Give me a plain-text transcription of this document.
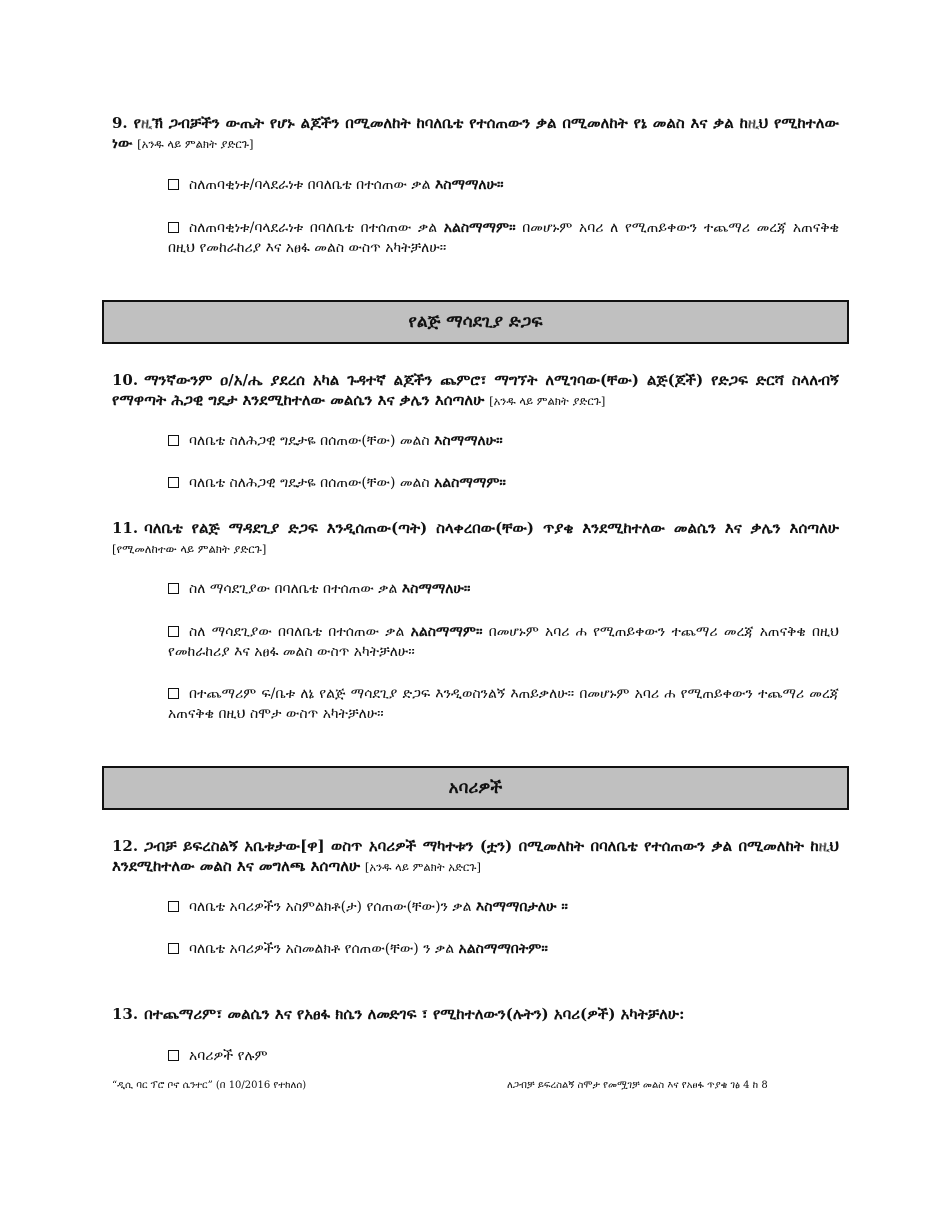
9. የዚኽ ጋብቻችን ውጤት የሆኑ ልጆችን በሚመለከት ከባለቤቴ የተሰጠውን ቃል በሚመለከት የኔ መልስ እና ቃል ከዚህ የሚከተለው ነው [አንዱ ላይ ምልክት ያድርጉ]
ስለጠባቂነቱ/ባላደራነቱ በባለቤቴ በተሰጠው ቃል እስማማለሁ።
ስለጠባቂነቱ/ባላደራነቱ በባለቤቴ በተሰጠው ቃል አልስማማም። በመሆኑም አባሪ ለ የሚጠይቀውን ተጨማሪ መረጃ አጠናቅቄ በዚህ የመከራከሪያ እና አፀፋ መልስ ውስጥ አካትቻለሁ።
የልጅ ማሳደጊያ ድጋፍ
10. ማንኛውንም ዐ/አ/ሔ ያደረሰ አካል ጉዳተኛ ልጆችን ጨምሮ፣ ማግኘት ለሚገባው(ቸው) ልጅ(ጆች) የድጋፍ ድርሻ ስላለብኝ የማዋጣት ሕጋዊ ግዴታ እንደሚከተለው መልሴን እና ቃሌን እሰጣለሁ [አንዱ ላይ ምልክት ያድርጉ]
ባለቤቴ ስለሕጋዊ ግዴታዬ በሰጠው(ቸው) መልስ እስማማለሁ።
ባለቤቴ ስለሕጋዊ ግዴታዬ በሰጠው(ቸው) መልስ አልስማማም።
11. ባለቤቴ የልጅ ማዳደጊያ ድጋፍ እንዲሰጠው(ጣት) ስላቀረበው(ቸው) ጥያቄ እንደሚከተለው መልሴን እና ቃሌን እሰጣለሁ [የሚመለከተው ላይ ምልክት ያድርጉ]
ስለ ማሳደጊያው በባለቤቴ በተሰጠው ቃል እስማማለሁ።
ስለ ማሳደጊያው በባለቤቴ በተሰጠው ቃል አልስማማም። በመሆኑም አባሪ ሐ የሚጠይቀውን ተጨማሪ መረጃ አጠናቅቄ በዚህ የመከራከሪያ እና አፀፋ መልስ ውስጥ አካትቻለሁ።
በተጨማሪም ፍ/ቤቱ ለኔ የልጅ ማሳደጊያ ድጋፍ እንዲወስንልኝ እጠይቃለሁ። በመሆኑም አባሪ ሐ የሚጠይቀውን ተጨማሪ መረጃ አጠናቅቄ በዚህ ስሞታ ውስጥ አካትቻለሁ።
አባሪዎች
12. ጋብቻ ይፍረስልኝ አቤቱታው[ዋ] ወስጥ አባሪዎች ማካተቱን (ቷን) በሚመለከት በባለቤቴ የተሰጠውን ቃል በሚመለከት ከዚህ እንደሚከተለው መልስ እና መግለጫ እሰጣለሁ [አንዱ ላይ ምልክት አድርጉ]
ባለቤቴ አባሪዎችን አስምልክቶ(ታ) የሰጠው(ቸው)ን ቃል እስማማበታለሁ ።
ባለቤቴ አባሪዎችን አስመልክቶ የሰጠው(ቸው) ን ቃል አልስማማበትም።
13. በተጨማሪም፣ መልሴን እና የአፀፋ ክሴን ለመድገፍ ፣ የሚከተለውን(ሉትን) አባሪ(ዎች) አካትቻለሁ:
አባሪዎች የሉም
“ዲሲ ባር ፕሮ ቦኖ ሴንተር” (በ 10/2016 የተከለሰ)	ለጋብቻ ይፍረስልኝ ስሞታ የመሟገቻ መልስ እና የአፀፋ ጥያቄ ገፅ 4 ከ 8
